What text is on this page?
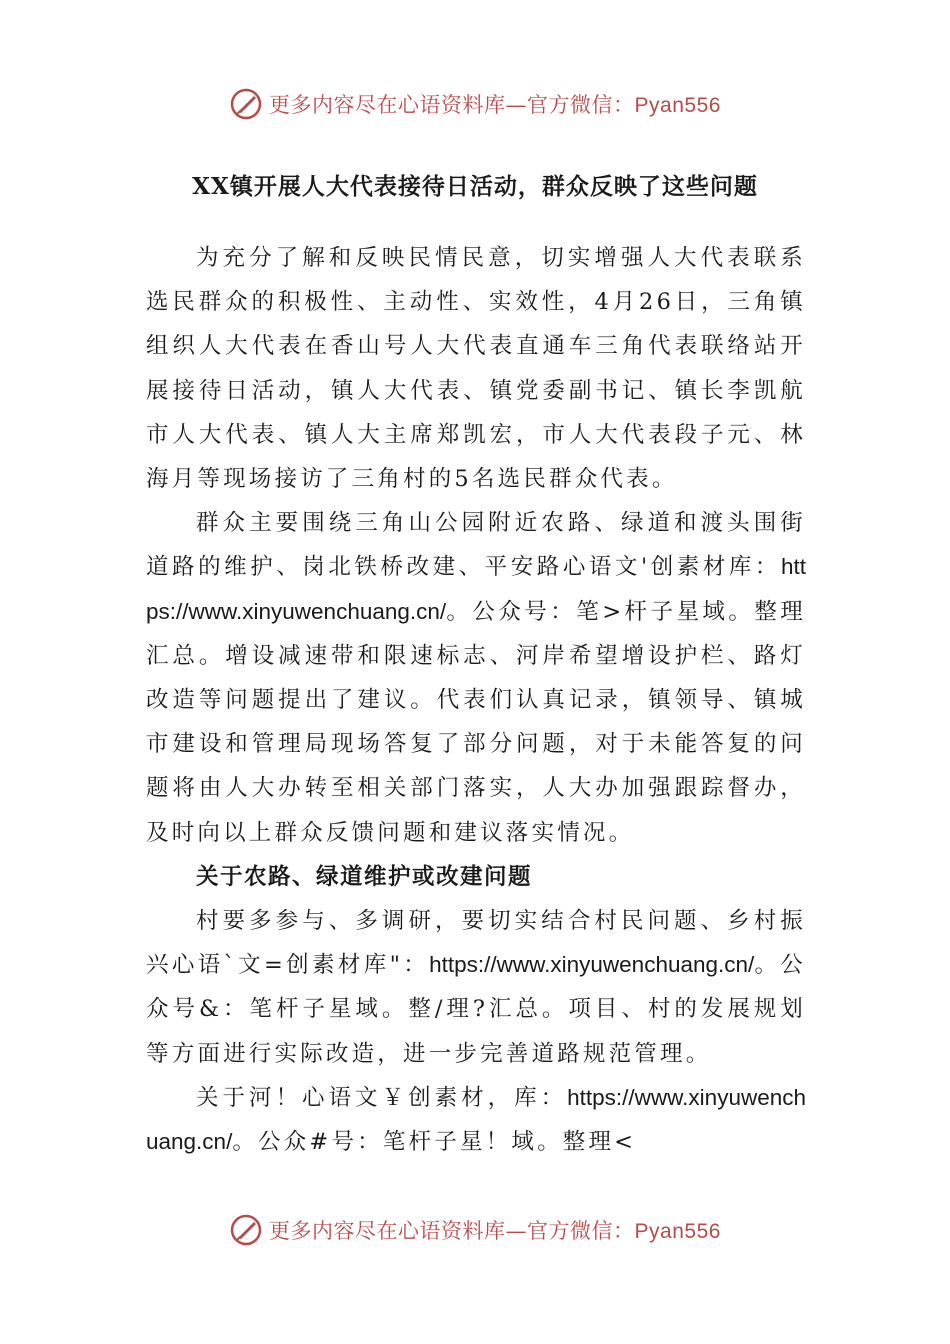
更多内容尽在心语资料库—官方微信：Pyan556
XX镇开展人大代表接待日活动，群众反映了这些问题

为充分了解和反映民情民意，切实增强人大代表联系选民群众的积极性、主动性、实效性，4月26日，三角镇组织人大代表在香山号人大代表直通车三角代表联络站开展接待日活动，镇人大代表、镇党委副书记、镇长李凯航市人大代表、镇人大主席郑凯宏，市人大代表段子元、林海月等现场接访了三角村的5名选民群众代表。

群众主要围绕三角山公园附近农路、绿道和渡头围街道路的维护、岗北铁桥改建、平安路心语文'创素材库：https://www.xinyuwenchuang.cn/。公众号：笔>杆子星域。整理汇总。增设减速带和限速标志、河岸希望增设护栏、路灯改造等问题提出了建议。代表们认真记录，镇领导、镇城市建设和管理局现场答复了部分问题，对于未能答复的问题将由人大办转至相关部门落实，人大办加强跟踪督办，及时向以上群众反馈问题和建议落实情况。

关于农路、绿道维护或改建问题

村要多参与、多调研，要切实结合村民问题、乡村振兴心语`文=创素材库"：https://www.xinyuwenchuang.cn/。公众号&：笔杆子星域。整/理?汇总。项目、村的发展规划等方面进行实际改造，进一步完善道路规范管理。

关于河！心语文￥创素材，库：https://www.xinyuwenchuang.cn/。公众#号：笔杆子星！域。整理<

更多内容尽在心语资料库—官方微信：Pyan556
